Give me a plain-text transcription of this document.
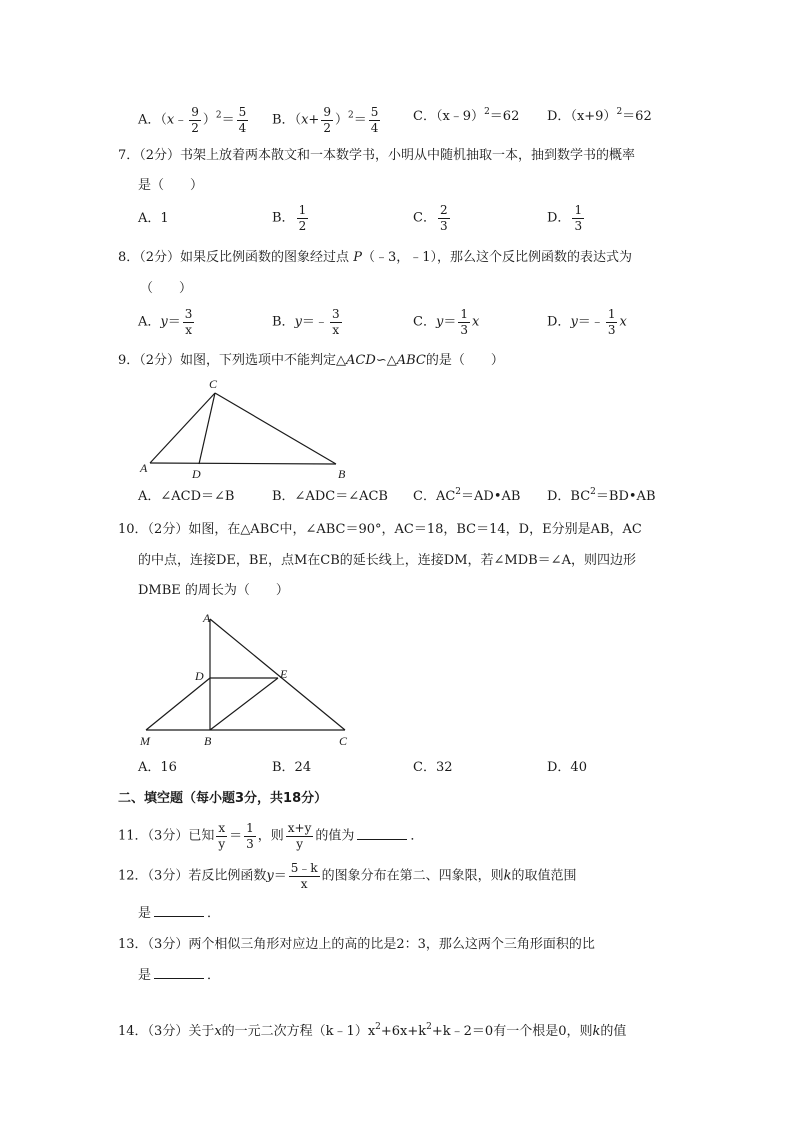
A．（x﹣ $\frac{9}{2} )^2= \frac{5}{4}$ B．$(x+ \frac{9}{2} )^2= \frac{5}{4}$	C．（x﹣9）$^2$＝62 D．$(x+9)^2=62$
7．（2分）书架上放着两本散文和一本数学书，小明从中随机抽取一本，抽到数学书的概率
是（　　）
A．1	B． $\frac{1}{2}$	C． $\frac{2}{3}$	D． $\frac{1}{3}$
8．（2分）如果反比例函数的图象经过点 P（﹣3，﹣1），那么这个反比例函数的表达式为
（　　）
A．$y= \frac{3}{x}$	B．y＝﹣ $\frac{3}{x}$	C．$y= \frac{1}{3}$ x	D．y＝﹣ $\frac{1}{3}$ x
9．（2分）如图，下列选项中不能判定△ACD∽△ABC的是（　　）
C
A	D	B
A．∠ACD＝∠B	B．∠ADC＝∠ACB C．$AC^2=AD•AB$ D．$BC^2=BD•AB$
10．（2分）如图，在△ABC中，∠ABC＝90°，AC＝18，BC＝14，D，E分别是AB，AC
的中点，连接DE，BE，点M在CB的延长线上，连接DM，若∠MDB＝∠A，则四边形
DMBE 的周长为（　　）
A
D	E
M	B	C
A．16	B．24	C．32	D．40
二、填空题（每小题3分，共18分）
11．（3分）已知 $\frac{x}{y} = \frac{1}{3}$ ，则 $\frac{x+y}{y}$ 的值为	．
12．（3分）若反比例函数$y= \frac{5﹣k}{x}$ 的图象分布在第二、四象限，则k的取值范围
是	．
13．（3分）两个相似三角形对应边上的高的比是2：3，那么这两个三角形面积的比
是	．
14．（3分）关于x的一元二次方程$(k﹣1)x^2+6x+k^2+k﹣2=0$有一个根是0，则k的值
